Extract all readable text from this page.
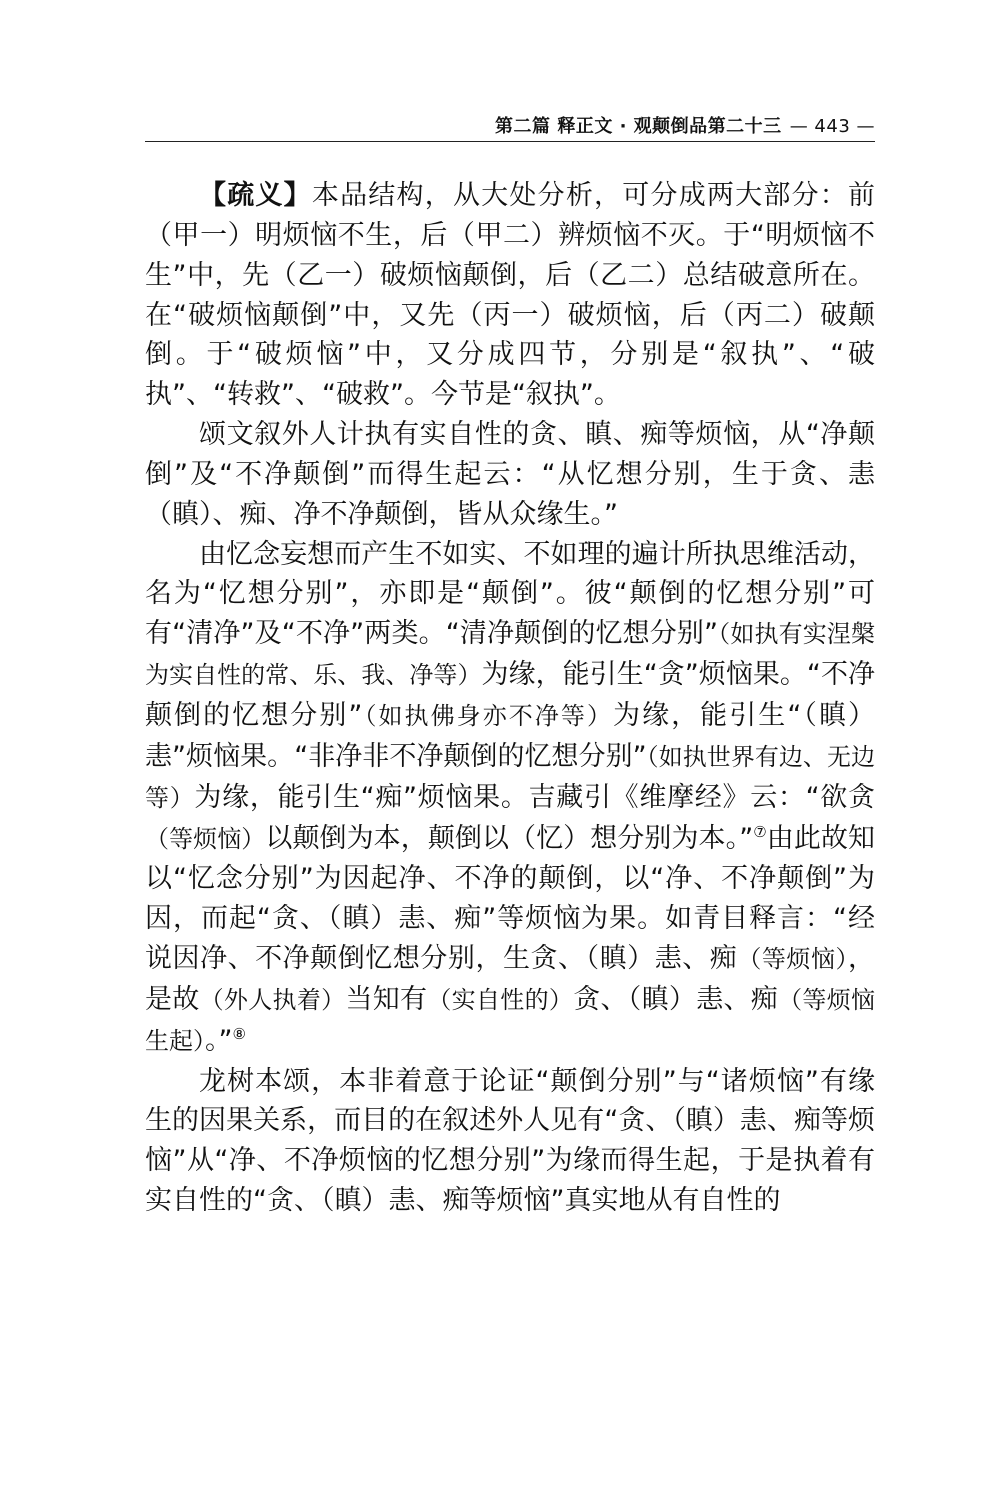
第二篇 释正文 · 观颠倒品第二十三 — 443 —

【疏义】本品结构，从大处分析，可分成两大部分：前（甲一）明烦恼不生，后（甲二）辨烦恼不灭。于“明烦恼不生”中，先（乙一）破烦恼颠倒，后（乙二）总结破意所在。在“破烦恼颠倒”中，又先（丙一）破烦恼，后（丙二）破颠倒。于“破烦恼”中，又分成四节，分别是“叙执”、“破执”、“转救”、“破救”。今节是“叙执”。

颂文叙外人计执有实自性的贪、瞋、痴等烦恼，从“净颠倒”及“不净颠倒”而得生起云：“从忆想分别，生于贪、恚（瞋）、痴、净不净颠倒，皆从众缘生。”

由忆念妄想而产生不如实、不如理的遍计所执思维活动，名为“忆想分别”，亦即是“颠倒”。彼“颠倒的忆想分别”可有“清净”及“不净”两类。“清净颠倒的忆想分别”（如执有实涅槃为实自性的常、乐、我、净等）为缘，能引生“贪”烦恼果。“不净颠倒的忆想分别”（如执佛身亦不净等）为缘，能引生“（瞋）恚”烦恼果。“非净非不净颠倒的忆想分别”（如执世界有边、无边等）为缘，能引生“痴”烦恼果。吉藏引《维摩经》云：“欲贪（等烦恼）以颠倒为本，颠倒以（忆）想分别为本。”⑦由此故知以“忆念分别”为因起净、不净的颠倒，以“净、不净颠倒”为因，而起“贪、（瞋）恚、痴”等烦恼为果。如青目释言：“经说因净、不净颠倒忆想分别，生贪、（瞋）恚、痴（等烦恼），是故（外人执着）当知有（实自性的）贪、（瞋）恚、痴（等烦恼生起）。”⑧

龙树本颂，本非着意于论证“颠倒分别”与“诸烦恼”有缘生的因果关系，而目的在叙述外人见有“贪、（瞋）恚、痴等烦恼”从“净、不净烦恼的忆想分别”为缘而得生起，于是执着有实自性的“贪、（瞋）恚、痴等烦恼”真实地从有自性的
